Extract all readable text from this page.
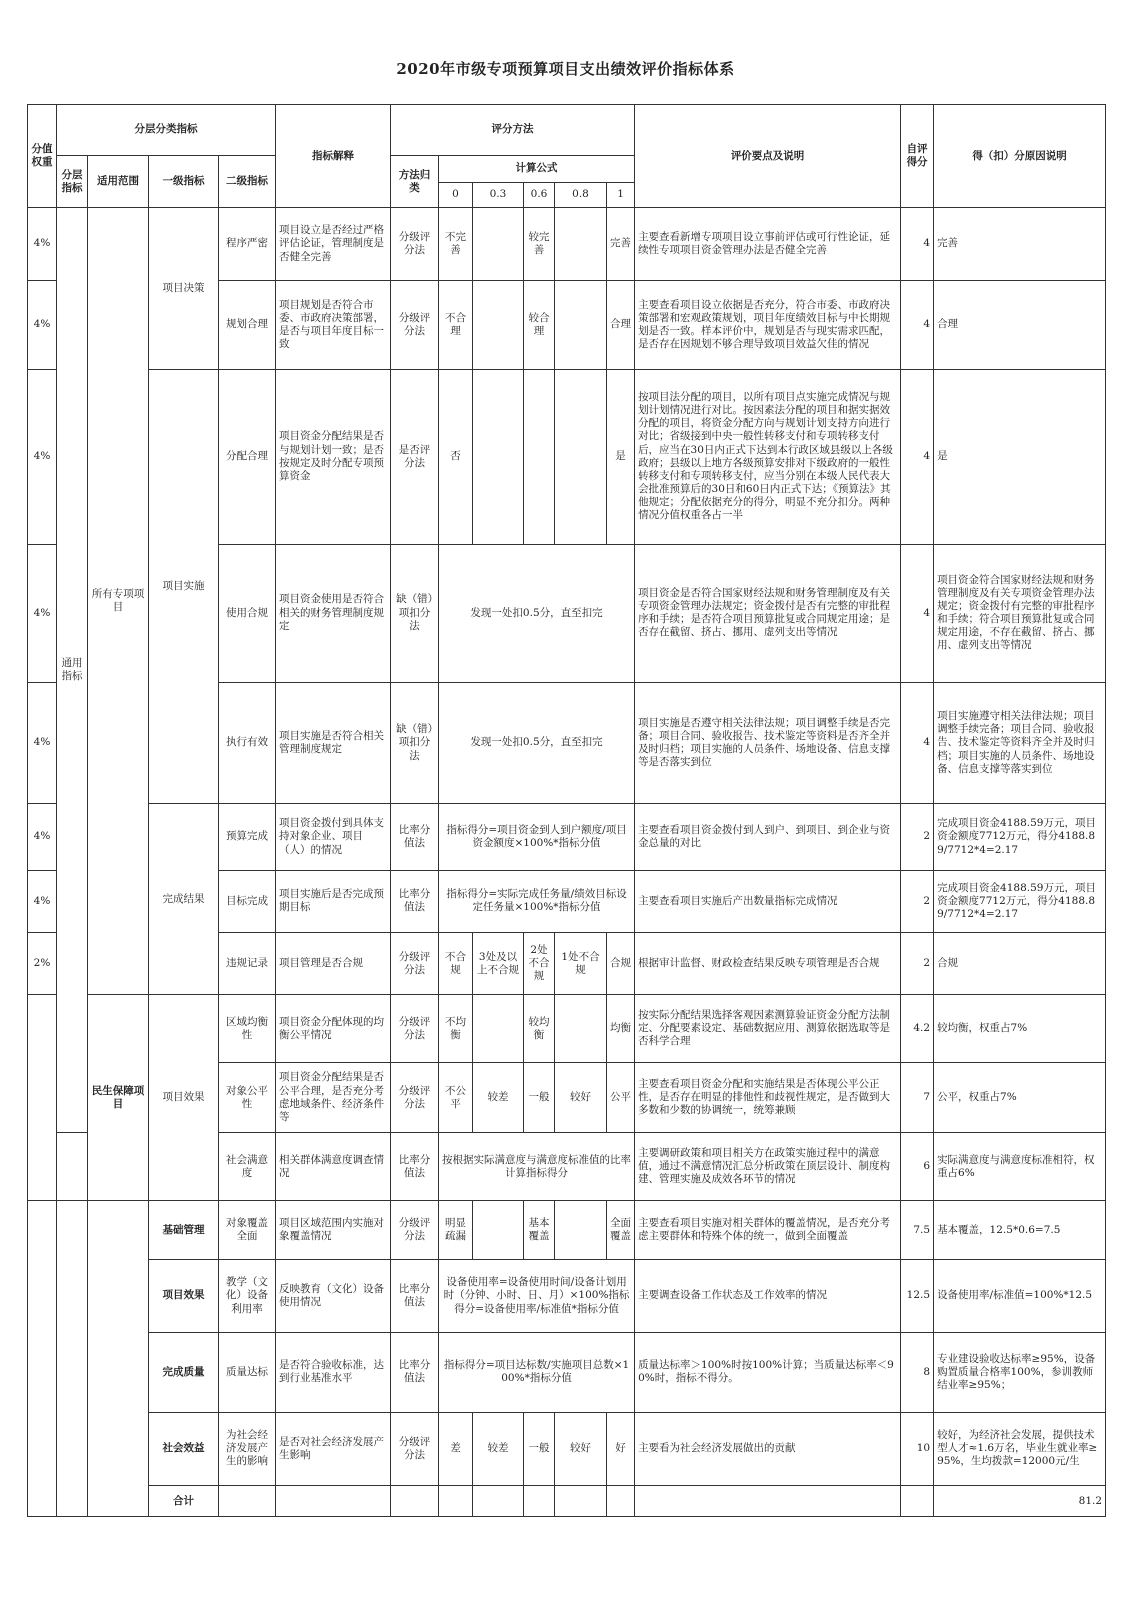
2020年市级专项预算项目支出绩效评价指标体系
分值权重	分层分类指标				指标解释	评分方法						评价要点及说明	自评得分	得（扣）分原因说明	
	分层指标	适用范围	一级指标	二级指标		方法归类	计算公式								
							0	0.3	0.6	0.8	1				
4%	通用指标	所有专项项目	项目决策	程序严密	项目设立是否经过严格评估论证，管理制度是否健全完善	分级评分法	不完善		较完善		完善	主要查看新增专项项目设立事前评估或可行性论证，延续性专项项目资金管理办法是否健全完善	4	完善	
4%				规划合理	项目规划是否符合市委、市政府决策部署，是否与项目年度目标一致	分级评分法	不合理		较合理		合理	主要查看项目设立依据是否充分，符合市委、市政府决策部署和宏观政策规划，项目年度绩效目标与中长期规划是否一致。样本评价中，规划是否与现实需求匹配，是否存在因规划不够合理导致项目效益欠佳的情况	4	合理	
4%			项目实施	分配合理	项目资金分配结果是否与规划计划一致；是否按规定及时分配专项预算资金	是否评分法	否				是	按项目法分配的项目，以所有项目点实施完成情况与规划计划情况进行对比。按因素法分配的项目和据实据效分配的项目，将资金分配方向与规划计划支持方向进行对比；省级接到中央一般性转移支付和专项转移支付后，应当在30日内正式下达到本行政区域县级以上各级政府；县级以上地方各级预算安排对下级政府的一般性转移支付和专项转移支付，应当分别在本级人民代表大会批准预算后的30日和60日内正式下达；《预算法》其他规定；分配依据充分的得分，明显不充分扣分。两种情况分值权重各占一半	4	是	
4%				使用合规	项目资金使用是否符合相关的财务管理制度规定	缺（错）项扣分法	发现一处扣0.5分，直至扣完					项目资金是否符合国家财经法规和财务管理制度及有关专项资金管理办法规定；资金拨付是否有完整的审批程序和手续；是否符合项目预算批复或合同规定用途；是否存在截留、挤占、挪用、虚列支出等情况	4	项目资金符合国家财经法规和财务管理制度及有关专项资金管理办法规定；资金拨付有完整的审批程序和手续；符合项目预算批复或合同规定用途，不存在截留、挤占、挪用、虚列支出等情况	
4%				执行有效	项目实施是否符合相关管理制度规定	缺（错）项扣分法	发现一处扣0.5分，直至扣完					项目实施是否遵守相关法律法规；项目调整手续是否完备；项目合同、验收报告、技术鉴定等资料是否齐全并及时归档；项目实施的人员条件、场地设备、信息支撑等是否落实到位	4	项目实施遵守相关法律法规；项目调整手续完备；项目合同、验收报告、技术鉴定等资料齐全并及时归档；项目实施的人员条件、场地设备、信息支撑等落实到位	
4%			完成结果	预算完成	项目资金拨付到具体支持对象企业、项目（人）的情况	比率分值法	指标得分=项目资金到人到户额度/项目资金额度×100%*指标分值					主要查看项目资金拨付到人到户、到项目、到企业与资金总量的对比	2	完成项目资金4188.59万元，项目资金额度7712万元，得分4188.89/7712*4=2.17	
4%				目标完成	项目实施后是否完成预期目标	比率分值法	指标得分=实际完成任务量/绩效目标设定任务量×100%*指标分值					主要查看项目实施后产出数量指标完成情况	2	完成项目资金4188.59万元，项目资金额度7712万元，得分4188.89/7712*4=2.17	
2%				违规记录	项目管理是否合规	分级评分法	不合规	3处及以上不合规	2处不合规	1处不合规	合规	根据审计监督、财政检查结果反映专项管理是否合规	2	合规	
		民生保障项目	项目效果	区域均衡性	项目资金分配体现的均衡公平情况	分级评分法	不均衡		较均衡		均衡	按实际分配结果选择客观因素测算验证资金分配方法制定、分配要素设定、基础数据应用、测算依据选取等是否科学合理	4.2	较均衡，权重占7%	
				对象公平性	项目资金分配结果是否公平合理，是否充分考虑地域条件、经济条件等	分级评分法	不公平	较差	一般	较好	公平	主要查看项目资金分配和实施结果是否体现公平公正性，是否存在明显的排他性和歧视性规定，是否做到大多数和少数的协调统一，统筹兼顾	7	公平，权重占7%	
				社会满意度	相关群体满意度调查情况	比率分值法	按根据实际满意度与满意度标准值的比率计算指标得分					主要调研政策和项目相关方在政策实施过程中的满意值，通过不满意情况汇总分析政策在顶层设计、制度构建、管理实施及成效各环节的情况	6	实际满意度与满意度标准相符，权重占6%	
			基础管理	对象覆盖全面	项目区域范围内实施对象覆盖情况	分级评分法	明显疏漏		基本覆盖		全面覆盖	主要查看项目实施对相关群体的覆盖情况，是否充分考虑主要群体和特殊个体的统一，做到全面覆盖	7.5	基本覆盖，12.5*0.6=7.5	
			项目效果	教学（文化）设备利用率	反映教育（文化）设备使用情况	比率分值法	设备使用率=设备使用时间/设备计划用时（分钟、小时、日、月）×100%指标得分=设备使用率/标准值*指标分值					主要调查设备工作状态及工作效率的情况	12.5	设备使用率/标准值=100%*12.5	
			完成质量	质量达标	是否符合验收标准，达到行业基准水平	比率分值法	指标得分=项目达标数/实施项目总数×100%*指标分值					质量达标率＞100%时按100%计算；当质量达标率＜90%时，指标不得分。	8	专业建设验收达标率≥95%，设备购置质量合格率100%，参训教师结业率≥95%；	
			社会效益	为社会经济发展产生的影响	是否对社会经济发展产生影响	分级评分法	差	较差	一般	较好	好	主要看为社会经济发展做出的贡献	10	较好，为经济社会发展，提供技术型人才≈1.6万名，毕业生就业率≥95%，生均拨款=12000元/生	
			合计											81.2	
